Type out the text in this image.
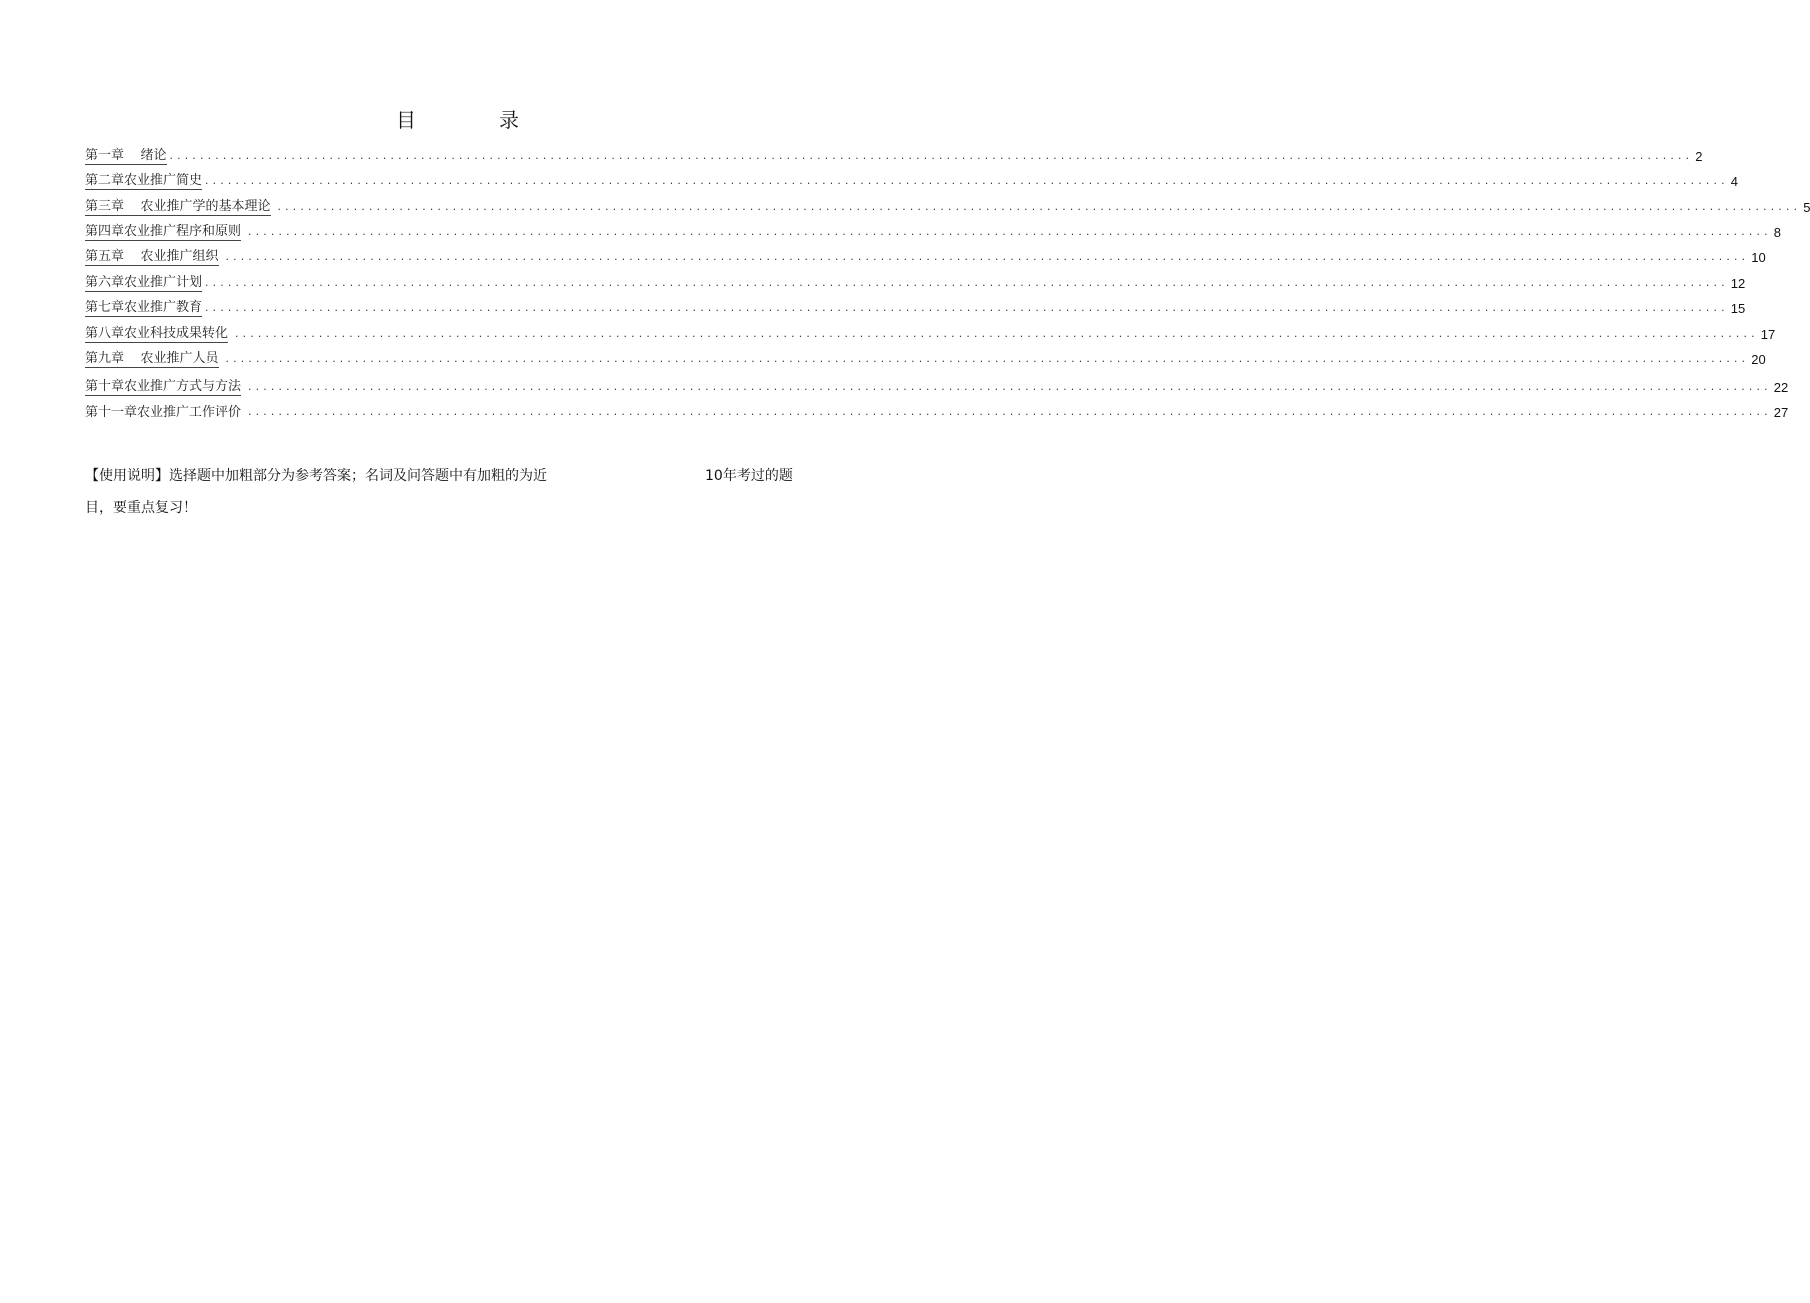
目	录
第一章    绪论 ........................................................................................................................................................................................................ 2
第二章农业推广简史 ........................................................................................................................................................................................................ 4
第三章    农业推广学的基本理论 ........................................................................................................................................................................................................ 5
第四章农业推广程序和原则 ........................................................................................................................................................................................................ 8
第五章    农业推广组织 ........................................................................................................................................................................................................ 10
第六章农业推广计划 ........................................................................................................................................................................................................ 12
第七章农业推广教育 ........................................................................................................................................................................................................ 15
第八章农业科技成果转化 ........................................................................................................................................................................................................ 17
第九章    农业推广人员 ........................................................................................................................................................................................................ 20
第十章农业推广方式与方法 ........................................................................................................................................................................................................ 22
第十一章农业推广工作评价 ........................................................................................................................................................................................................ 27
【使用说明】选择题中加粗部分为参考答案；名词及问答题中有加粗的为近	10年考过的题
目，要重点复习！
